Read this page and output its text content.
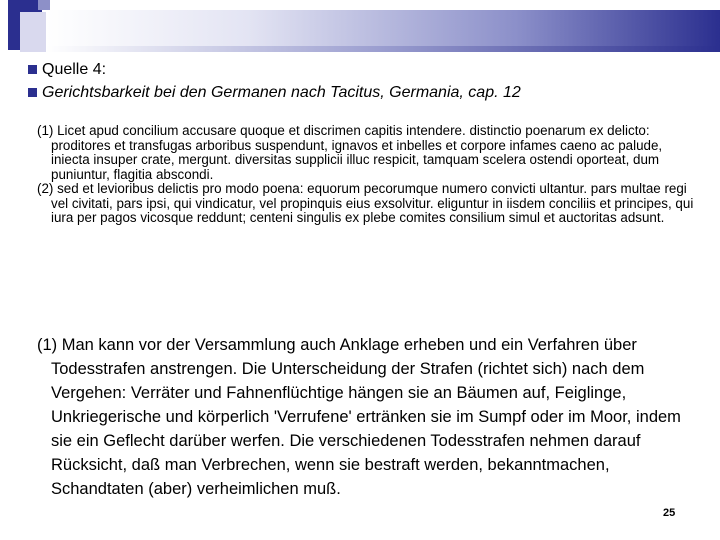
Quelle 4:
Gerichtsbarkeit bei den Germanen nach Tacitus, Germania, cap. 12

(1) Licet apud concilium accusare quoque et discrimen capitis intendere. distinctio poenarum ex delicto: proditores et transfugas arboribus suspendunt, ignavos et inbelles et corpore infames caeno ac palude, iniecta insuper crate, mergunt. diversitas supplicii illuc respicit, tamquam scelera ostendi oporteat, dum puniuntur, flagitia abscondi.

(2) sed et levioribus delictis pro modo poena: equorum pecorumque numero convicti ultantur. pars multae regi vel civitati, pars ipsi, qui vindicatur, vel propinquis eius exsolvitur. eliguntur in iisdem conciliis et principes, qui iura per pagos vicosque reddunt; centeni singulis ex plebe comites consilium simul et auctoritas adsunt.

(1) Man kann vor der Versammlung auch Anklage erheben und ein Verfahren über Todesstrafen anstrengen. Die Unterscheidung der Strafen (richtet sich) nach dem Vergehen: Verräter und Fahnenflüchtige hängen sie an Bäumen auf, Feiglinge, Unkriegerische und körperlich 'Verrufene' ertränken sie im Sumpf oder im Moor, indem sie ein Geflecht darüber werfen. Die verschiedenen Todesstrafen nehmen darauf Rücksicht, daß man Verbrechen, wenn sie bestraft werden, bekanntmachen, Schandtaten (aber) verheimlichen muß.

25
